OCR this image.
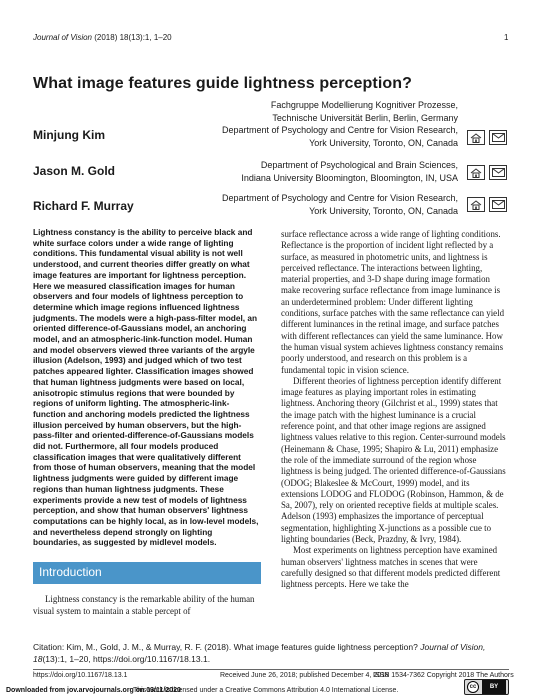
Journal of Vision (2018) 18(13):1, 1–20	1
What image features guide lightness perception?
Minjung Kim
Fachgruppe Modellierung Kognitiver Prozesse,
Technische Universität Berlin, Berlin, Germany
Department of Psychology and Centre for Vision Research,
York University, Toronto, ON, Canada
Jason M. Gold	Department of Psychological and Brain Sciences,
Indiana University Bloomington, Bloomington, IN, USA
Richard F. Murray
Department of Psychology and Centre for Vision Research,
York University, Toronto, ON, Canada

Lightness constancy is the ability to perceive black and white surface colors under a wide range of lighting conditions. This fundamental visual ability is not well understood, and current theories differ greatly on what image features are important for lightness perception. Here we measured classification images for human observers and four models of lightness perception to determine which image regions influenced lightness judgments. The models were a high-pass-filter model, an oriented difference-of-Gaussians model, an anchoring model, and an atmospheric-link-function model. Human and model observers viewed three variants of the argyle illusion (Adelson, 1993) and judged which of two test patches appeared lighter. Classification images showed that human lightness judgments were based on local, anisotropic stimulus regions that were bounded by regions of uniform lighting. The atmospheric-link-function and anchoring models predicted the lightness illusion perceived by human observers, but the high-pass-filter and oriented-difference-of-Gaussians models did not. Furthermore, all four models produced classification images that were qualitatively different from those of human observers, meaning that the model lightness judgments were guided by different image regions than human lightness judgments. These experiments provide a new test of models of lightness perception, and show that human observers' lightness computations can be highly local, as in low-level models, and nevertheless depend strongly on lighting boundaries, as suggested by midlevel models.

Introduction

Lightness constancy is the remarkable ability of the human visual system to maintain a stable percept of

surface reflectance across a wide range of lighting conditions. Reflectance is the proportion of incident light reflected by a surface, as measured in photometric units, and lightness is perceived reflectance. The interactions between lighting, material properties, and 3-D shape during image formation make recovering surface reflectance from image luminance is an underdetermined problem: Under different lighting conditions, surface patches with the same reflectance can yield different luminances in the retinal image, and surface patches with different reflectances can yield the same luminance. How the human visual system achieves lightness constancy remains poorly understood, and research on this problem is a fundamental topic in vision science.

Different theories of lightness perception identify different image features as playing important roles in estimating lightness. Anchoring theory (Gilchrist et al., 1999) states that the image patch with the highest luminance is a crucial reference point, and that other image regions are assigned lightness values relative to this region. Center-surround models (Heinemann & Chase, 1995; Shapiro & Lu, 2011) emphasize the role of the immediate surround of the region whose lightness is being judged. The oriented difference-of-Gaussians (ODOG; Blakeslee & McCourt, 1999) model, and its extensions LODOG and FLODOG (Robinson, Hammon, & de Sa, 2007), rely on oriented receptive fields at multiple scales. Adelson (1993) emphasizes the importance of perceptual segmentation, highlighting X-junctions as a possible cue to lighting boundaries (Beck, Prazdny, & Ivry, 1984).

Most experiments on lightness perception have examined human observers' lightness matches in scenes that were carefully designed so that different models predicted different lightness percepts. Here we take the

Citation: Kim, M., Gold, J. M., & Murray, R. F. (2018). What image features guide lightness perception? Journal of Vision, 18(13):1, 1–20, https://doi.org/10.1167/18.13.1.
https://doi.org/10.1167/18.13.1	Received June 26, 2018; published December 4, 2018
ISSN 1534-7362 Copyright 2018 The Authors
This work is licensed under a Creative Commons Attribution 4.0 International License.
Downloaded from jov.arvojournals.org on 03/11/2020	cc	BY
